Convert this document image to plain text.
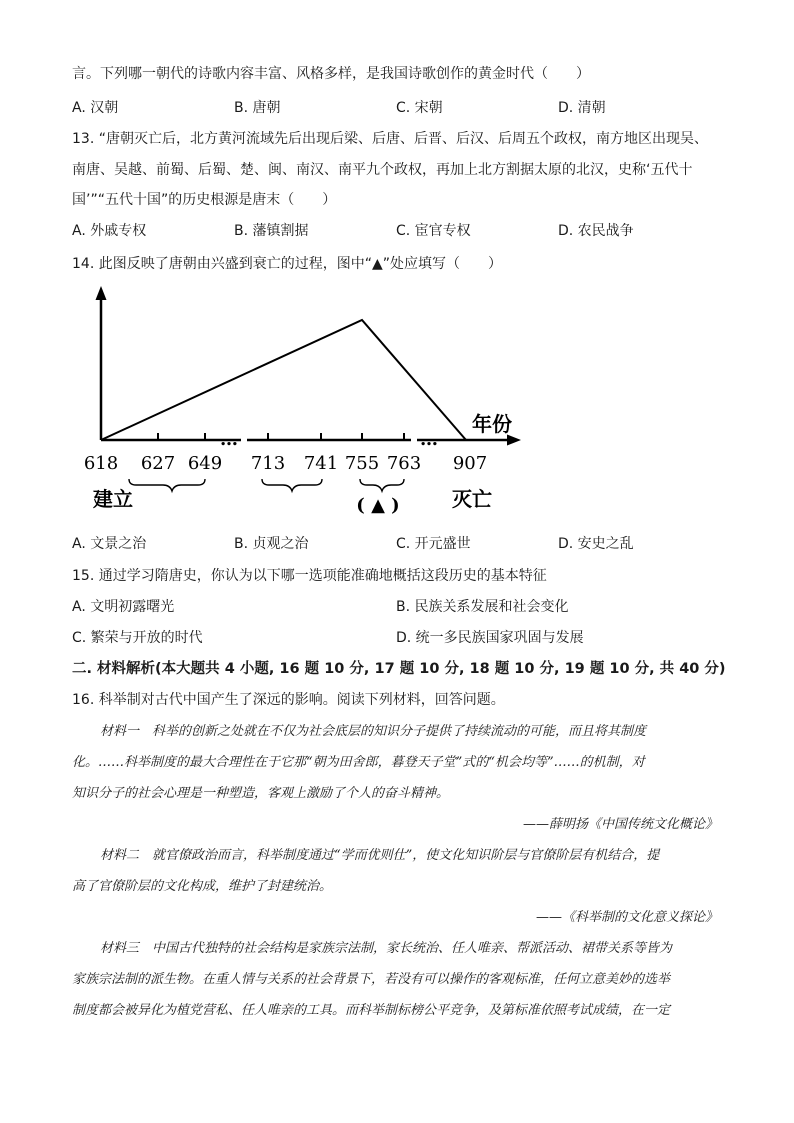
言。下列哪一朝代的诗歌内容丰富、风格多样，是我国诗歌创作的黄金时代（　　）
A. 汉朝	B. 唐朝	C. 宋朝	D. 清朝
13. “唐朝灭亡后，北方黄河流域先后出现后梁、后唐、后晋、后汉、后周五个政权，南方地区出现吴、
南唐、吴越、前蜀、后蜀、楚、闽、南汉、南平九个政权，再加上北方割据太原的北汉，史称‘五代十
国’”“五代十国”的历史根源是唐末（　　）
A. 外戚专权	B. 藩镇割据	C. 宦官专权	D. 农民战争
14. 此图反映了唐朝由兴盛到衰亡的过程，图中“▲”处应填写（　　）
年份
…	…
618 627 649 713 741 755 763 907
建立	灭亡
( ▲ )
A. 文景之治	B. 贞观之治	C. 开元盛世	D. 安史之乱
15. 通过学习隋唐史，你认为以下哪一选项能准确地概括这段历史的基本特征
A. 文明初露曙光	B. 民族关系发展和社会变化
C. 繁荣与开放的时代	D. 统一多民族国家巩固与发展
二. 材料解析(本大题共 4 小题, 16 题 10 分, 17 题 10 分, 18 题 10 分, 19 题 10 分, 共 40 分)
16. 科举制对古代中国产生了深远的影响。阅读下列材料，回答问题。
材料一　科举的创新之处就在不仅为社会底层的知识分子提供了持续流动的可能，而且将其制度
化。……科举制度的最大合理性在于它那“朝为田舍郎，暮登天子堂”式的“机会均等”……的机制，对
知识分子的社会心理是一种塑造，客观上激励了个人的奋斗精神。
——薛明扬《中国传统文化概论》
材料二　就官僚政治而言，科举制度通过“学而优则仕”，使文化知识阶层与官僚阶层有机结合，提
高了官僚阶层的文化构成，维护了封建统治。
——《科举制的文化意义探论》
材料三　中国古代独特的社会结构是家族宗法制，家长统治、任人唯亲、帮派活动、裙带关系等皆为
家族宗法制的派生物。在重人情与关系的社会背景下，若没有可以操作的客观标准，任何立意美妙的选举
制度都会被异化为植党营私、任人唯亲的工具。而科举制标榜公平竞争，及第标准依照考试成绩，在一定
